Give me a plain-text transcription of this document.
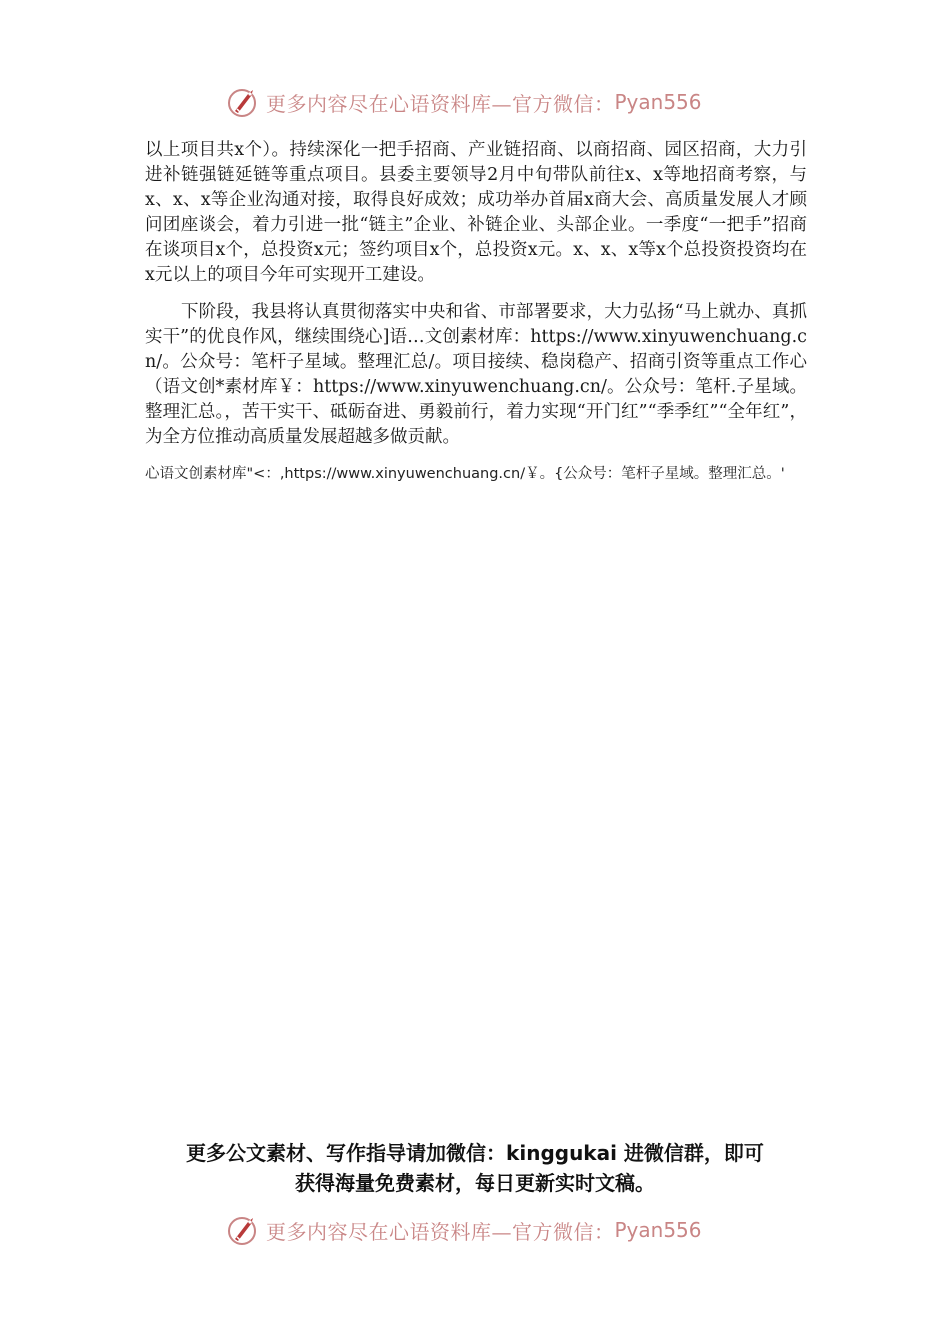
更多内容尽在心语资料库—官方微信： Pyan556

以上项目共x个）。持续深化一把手招商、产业链招商、以商招商、园区招商，大力引进补链强链延链等重点项目。县委主要领导2月中旬带队前往x、x等地招商考察，与x、x、x等企业沟通对接，取得良好成效；成功举办首届x商大会、高质量发展人才顾问团座谈会，着力引进一批“链主”企业、补链企业、头部企业。一季度“一把手”招商在谈项目x个，总投资x元；签约项目x个，总投资x元。x、x、x等x个总投资投资均在x元以上的项目今年可实现开工建设。

下阶段，我县将认真贯彻落实中央和省、市部署要求，大力弘扬“马上就办、真抓实干”的优良作风，继续围绕心]语…文创素材库：https://www.xinyuwenchuang.cn/。公众号：笔杆子星域。整理汇总/。项目接续、稳岗稳产、招商引资等重点工作心（语文创*素材库￥：https://www.xinyuwenchuang.cn/。公众号：笔杆.子星域。整理汇总。，苦干实干、砥砺奋进、勇毅前行，着力实现“开门红”“季季红”“全年红”，为全方位推动高质量发展超越多做贡献。

心语文创素材库"<：,https://www.xinyuwenchuang.cn/￥。{公众号：笔杆子星域。整理汇总。'

更多公文素材、写作指导请加微信：kinggukai 进微信群，即可
获得海量免费素材，每日更新实时文稿。
更多内容尽在心语资料库—官方微信： Pyan556
